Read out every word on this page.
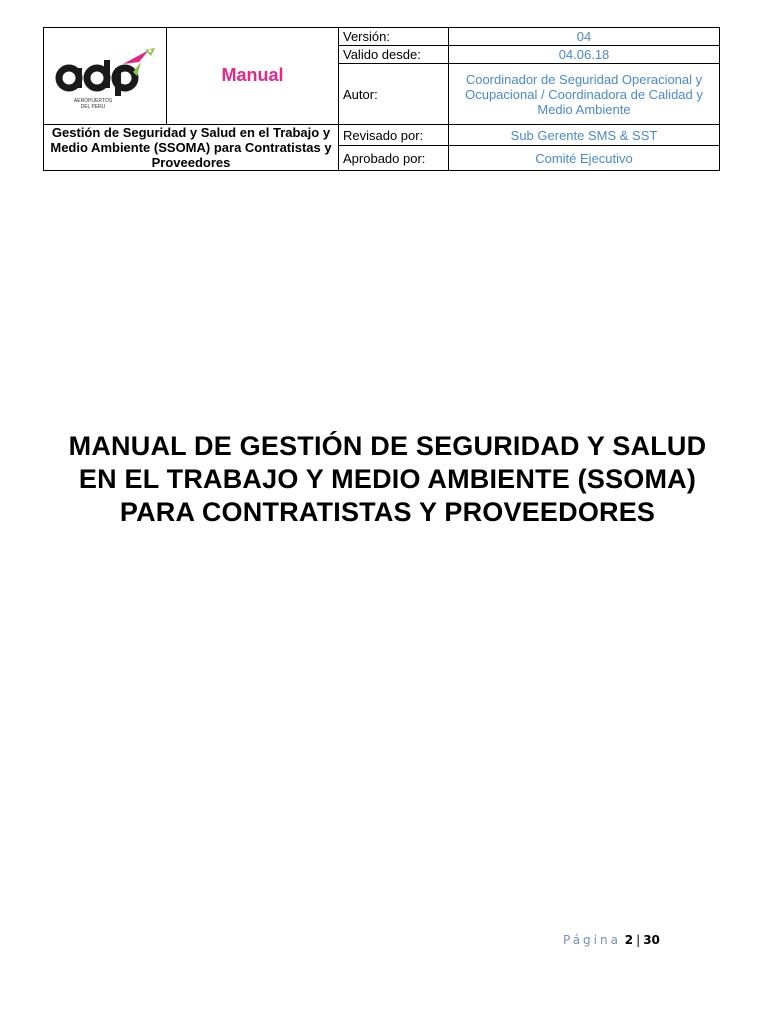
AEROPUERTOS
DEL PERU	Manual	Versión:	04
		Valido desde:	04.06.18
		Autor:	Coordinador de Seguridad Operacional y Ocupacional / Coordinadora de Calidad y Medio Ambiente
Gestión de Seguridad y Salud en el Trabajo y Medio Ambiente (SSOMA) para Contratistas y Proveedores		Revisado por:	Sub Gerente SMS & SST
		Aprobado por:	Comité Ejecutivo
MANUAL DE GESTIÓN DE SEGURIDAD Y SALUD EN EL TRABAJO Y MEDIO AMBIENTE (SSOMA) PARA CONTRATISTAS Y PROVEEDORES
Página 2 | 30
